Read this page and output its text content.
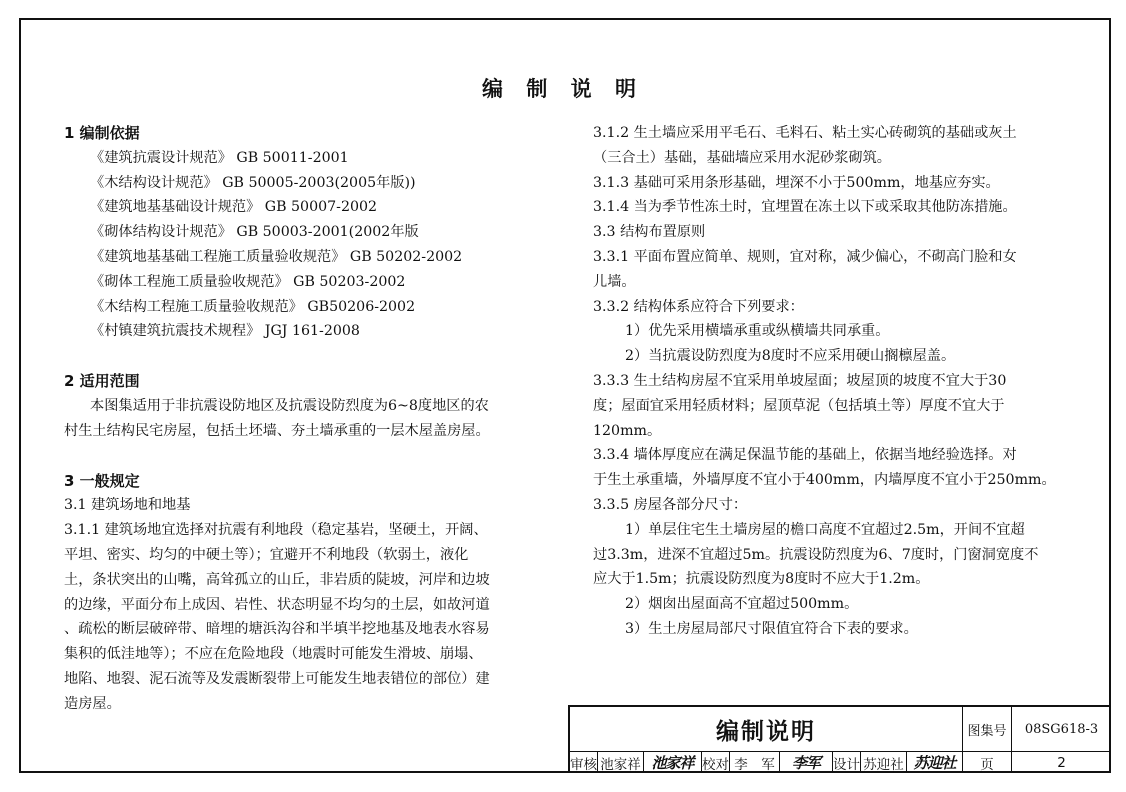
编 制 说 明
1 编制依据
《建筑抗震设计规范》 GB 50011-2001
《木结构设计规范》 GB 50005-2003(2005年版))
《建筑地基基础设计规范》 GB 50007-2002
《砌体结构设计规范》 GB 50003-2001(2002年版
《建筑地基基础工程施工质量验收规范》 GB 50202-2002
《砌体工程施工质量验收规范》 GB 50203-2002
《木结构工程施工质量验收规范》 GB50206-2002
《村镇建筑抗震技术规程》 JGJ 161-2008
2 适用范围
本图集适用于非抗震设防地区及抗震设防烈度为6~8度地区的农
村生土结构民宅房屋，包括土坯墙、夯土墙承重的一层木屋盖房屋。
3 一般规定
3.1 建筑场地和地基
3.1.1 建筑场地宜选择对抗震有利地段（稳定基岩，坚硬土，开阔、
平坦、密实、均匀的中硬土等）；宜避开不利地段（软弱土，液化
土，条状突出的山嘴，高耸孤立的山丘，非岩质的陡坡，河岸和边坡
的边缘，平面分布上成因、岩性、状态明显不均匀的土层，如故河道
、疏松的断层破碎带、暗埋的塘浜沟谷和半填半挖地基及地表水容易
集积的低洼地等）；不应在危险地段（地震时可能发生滑坡、崩塌、
地陷、地裂、泥石流等及发震断裂带上可能发生地表错位的部位）建
造房屋。
3.1.2 生土墙应采用平毛石、毛料石、粘土实心砖砌筑的基础或灰土
（三合土）基础，基础墙应采用水泥砂浆砌筑。
3.1.3 基础可采用条形基础，埋深不小于500mm，地基应夯实。
3.1.4 当为季节性冻土时，宜埋置在冻土以下或采取其他防冻措施。
3.3 结构布置原则
3.3.1 平面布置应简单、规则，宜对称，减少偏心，不砌高门脸和女
儿墙。
3.3.2 结构体系应符合下列要求：
1）优先采用横墙承重或纵横墙共同承重。
2）当抗震设防烈度为8度时不应采用硬山搁檩屋盖。
3.3.3 生土结构房屋不宜采用单坡屋面；坡屋顶的坡度不宜大于30
度；屋面宜采用轻质材料；屋顶草泥（包括填土等）厚度不宜大于
120mm。
3.3.4 墙体厚度应在满足保温节能的基础上，依据当地经验选择。对
于生土承重墙，外墙厚度不宜小于400mm，内墙厚度不宜小于250mm。
3.3.5 房屋各部分尺寸：
1）单层住宅生土墙房屋的檐口高度不宜超过2.5m，开间不宜超
过3.3m，进深不宜超过5m。抗震设防烈度为6、7度时，门窗洞宽度不
应大于1.5m；抗震设防烈度为8度时不应大于1.2m。
2）烟囱出屋面高不宜超过500mm。
3）生土房屋局部尺寸限值宜符合下表的要求。
编制说明	图集号	08SG618-3
审核 池家祥 池家祥 校对 李　军	李军 设计 苏迎社 苏迎社	页	2
